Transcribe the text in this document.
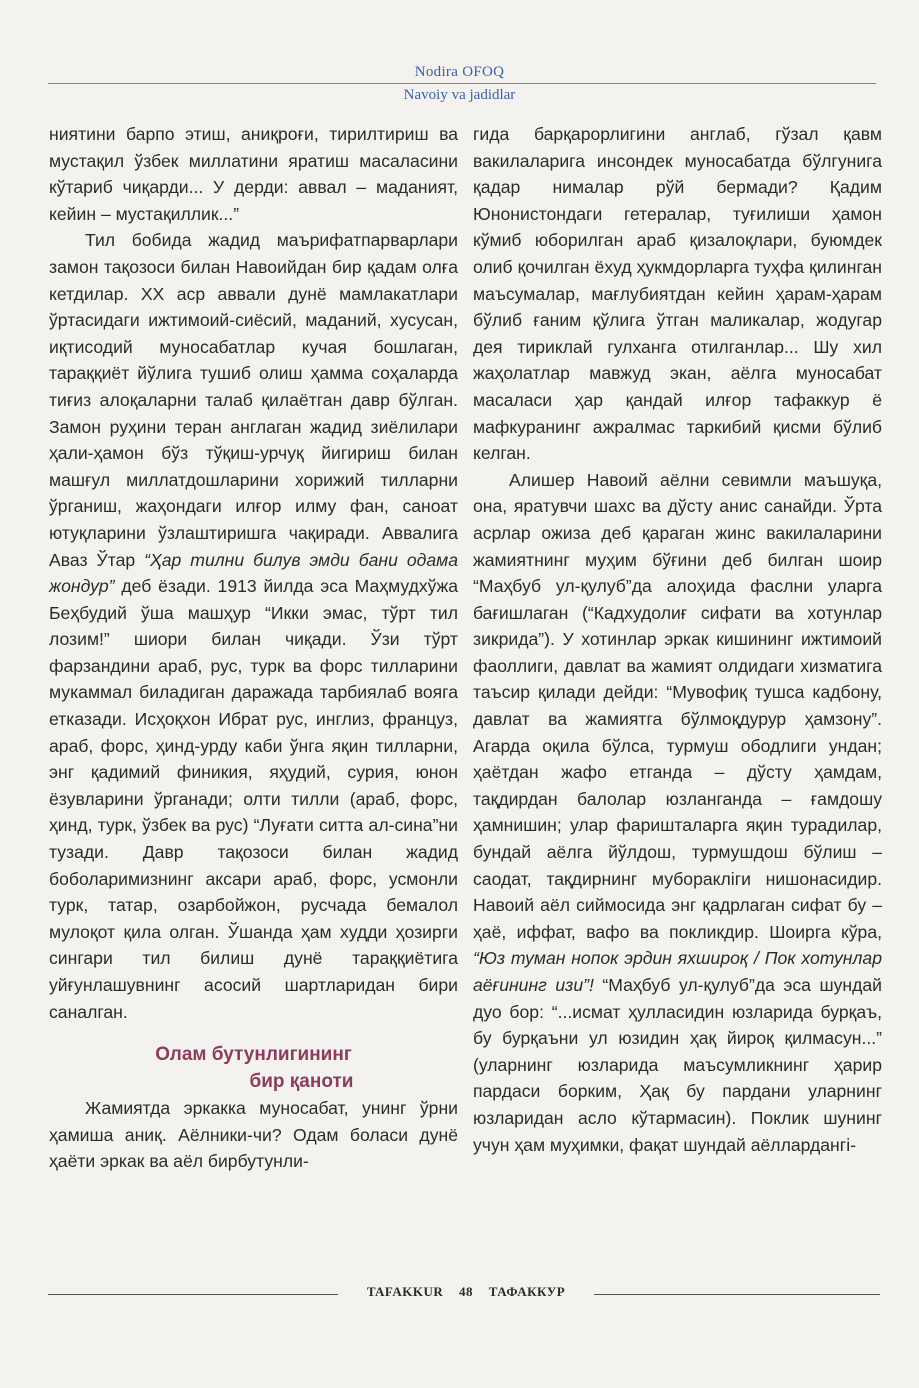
Nodira OFOQ
Navoiy va jadidlar

ниятини барпо этиш, аниқроғи, тирилтириш ва мустақил ўзбек миллатини яратиш масаласини кўтариб чиқарди... У дерди: аввал – маданият, кейин – мустақиллик...”

Тил бобида жадид маърифатпарварлари замон тақозоси билан Навоийдан бир қадам олға кетдилар. XX аср аввали дунё мамлакатлари ўртасидаги ижтимоий-сиёсий, маданий, хусусан, иқтисодий муносабатлар кучая бошлаган, тараққиёт йўлига тушиб олиш ҳамма соҳаларда тиғиз алоқаларни талаб қилаётган давр бўлган. Замон руҳини теран англаган жадид зиёлилари ҳали-ҳамон бўз тўқиш-урчуқ йигириш билан машғул миллатдошларини хорижий тилларни ўрганиш, жаҳондаги илғор илму фан, саноат ютуқларини ўзлаштиришга чақиради. Аввалига Аваз Ўтар “Ҳар тилни билув эмди бани одама жондур” деб ёзади. 1913 йилда эса Маҳмудхўжа Беҳбудий ўша машҳур “Икки эмас, тўрт тил лозим!” шиори билан чиқади. Ўзи тўрт фарзандини араб, рус, турк ва форс тилларини мукаммал биладиган даражада тарбиялаб вояга етказади. Исҳоқхон Ибрат рус, инглиз, француз, араб, форс, ҳинд-урду каби ўнга яқин тилларни, энг қадимий финикия, яҳудий, сурия, юнон ёзувларини ўрганади; олти тилли (араб, форс, ҳинд, турк, ўзбек ва рус) “Луғати ситта ал-сина”ни тузади. Давр тақозоси билан жадид боболаримизнинг аксари араб, форс, усмонли турк, татар, озарбойжон, русчада бемалол мулоқот қила олган. Ўшанда ҳам худди ҳозирги сингари тил билиш дунё тараққиётига уйғунлашувнинг асосий шартларидан бири саналган.

Олам бутунлигининг
бир қаноти

Жамиятда эркакка муносабат, унинг ўрни ҳамиша аниқ. Аёлники-чи? Одам боласи дунё ҳаёти эркак ва аёл бирбутунли-

гида барқарорлигини англаб, гўзал қавм вакилаларига инсондек муносабатда бўлгунига қадар нималар рўй бермади? Қадим Юнонистондаги гетералар, туғилиши ҳамон кўмиб юборилган араб қизалоқлари, буюмдек олиб қочилган ёхуд ҳукмдорларга туҳфа қилинган маъсумалар, мағлубиятдан кейин ҳарам-ҳарам бўлиб ғаним қўлига ўтган маликалар, жодугар дея тириклай гулханга отилганлар... Шу хил жаҳолатлар мавжуд экан, аёлга муносабат масаласи ҳар қандай илғор тафаккур ё мафкуранинг ажралмас таркибий қисми бўлиб келган.

Алишер Навоий аёлни севимли маъшуқа, она, яратувчи шахс ва дўсту анис санайди. Ўрта асрлар ожиза деб қараган жинс вакилаларини жамиятнинг муҳим бўғини деб билган шоир “Маҳбуб ул-қулуб”да алоҳида фаслни уларга бағишлаган (“Кадхудолиғ сифати ва хотунлар зикрида”). У хотинлар эркак кишининг ижтимоий фаоллиги, давлат ва жамият олдидаги хизматига таъсир қилади дейди: “Мувофиқ тушса кадбону, давлат ва жамиятга бўлмоқдурур ҳамзону”. Агарда оқила бўлса, турмуш ободлиги ундан; ҳаётдан жафо етганда – дўсту ҳамдам, тақдирдан балолар юзланганда – ғамдошу ҳамнишин; улар фаришталарга яқин турадилар, бундай аёлга йўлдош, турмушдош бўлиш – саодат, тақдирнинг муборакліги нишонасидир. Навоий аёл сиймосида энг қадрлаган сифат бу – ҳаё, иффат, вафо ва покликдир. Шоирга кўра, “Юз туман нопок эрдин яхшироқ / Пок хотунлар аёғининг изи”! “Маҳбуб ул-қулуб”да эса шундай дуо бор: “...исмат ҳулласидин юзларида бурқаъ, бу бурқаъни ул юзидин ҳақ йироқ қилмасун...” (уларнинг юзларида маъсумликнинг ҳарир пардаси борким, Ҳақ бу пардани уларнинг юзларидан асло кўтармасин). Поклик шунинг учун ҳам муҳимки, фақат шундай аёллардангі-

TAFAKKUR 48 ТАФАККУР
